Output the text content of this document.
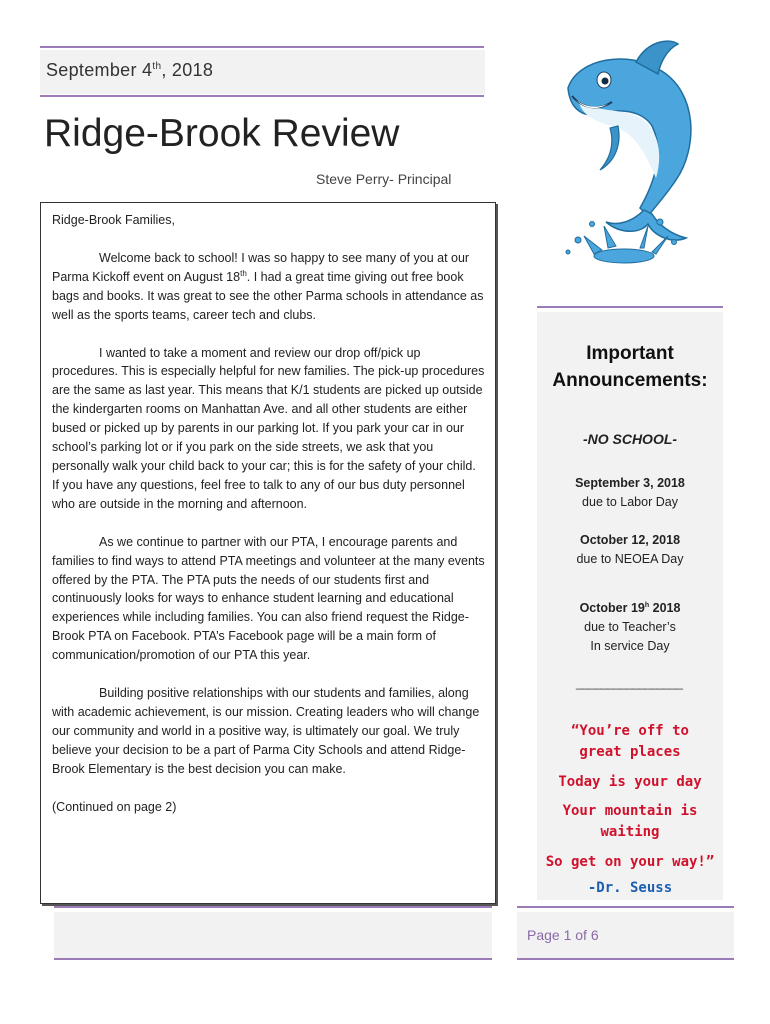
September 4th, 2018
Ridge-Brook Review
Steve Perry- Principal

Ridge-Brook Families,

Welcome back to school! I was so happy to see many of you at our Parma Kickoff event on August 18th. I had a great time giving out free book bags and books. It was great to see the other Parma schools in attendance as well as the sports teams, career tech and clubs.

I wanted to take a moment and review our drop off/pick up procedures. This is especially helpful for new families. The pick-up procedures are the same as last year. This means that K/1 students are picked up outside the kindergarten rooms on Manhattan Ave. and all other students are either bused or picked up by parents in our parking lot. If you park your car in our school’s parking lot or if you park on the side streets, we ask that you personally walk your child back to your car; this is for the safety of your child. If you have any questions, feel free to talk to any of our bus duty personnel who are outside in the morning and afternoon.

As we continue to partner with our PTA, I encourage parents and families to find ways to attend PTA meetings and volunteer at the many events offered by the PTA. The PTA puts the needs of our students first and continuously looks for ways to enhance student learning and educational experiences while including families. You can also friend request the Ridge-Brook PTA on Facebook. PTA’s Facebook page will be a main form of communication/promotion of our PTA this year.

Building positive relationships with our students and families, along with academic achievement, is our mission. Creating leaders who will change our community and world in a positive way, is ultimately our goal. We truly believe your decision to be a part of Parma City Schools and attend Ridge-Brook Elementary is the best decision you can make.

(Continued on page 2)

Important
Announcements:
-NO SCHOOL-
September 3, 2018
due to Labor Day
October 12, 2018
due to NEOEA Day
October 19$^h$ 2018
due to Teacher’s
In service Day
_________________
“You’re off to great places
Today is your day
Your mountain is waiting
So get on your way!”
-Dr. Seuss
Page 1 of 6
